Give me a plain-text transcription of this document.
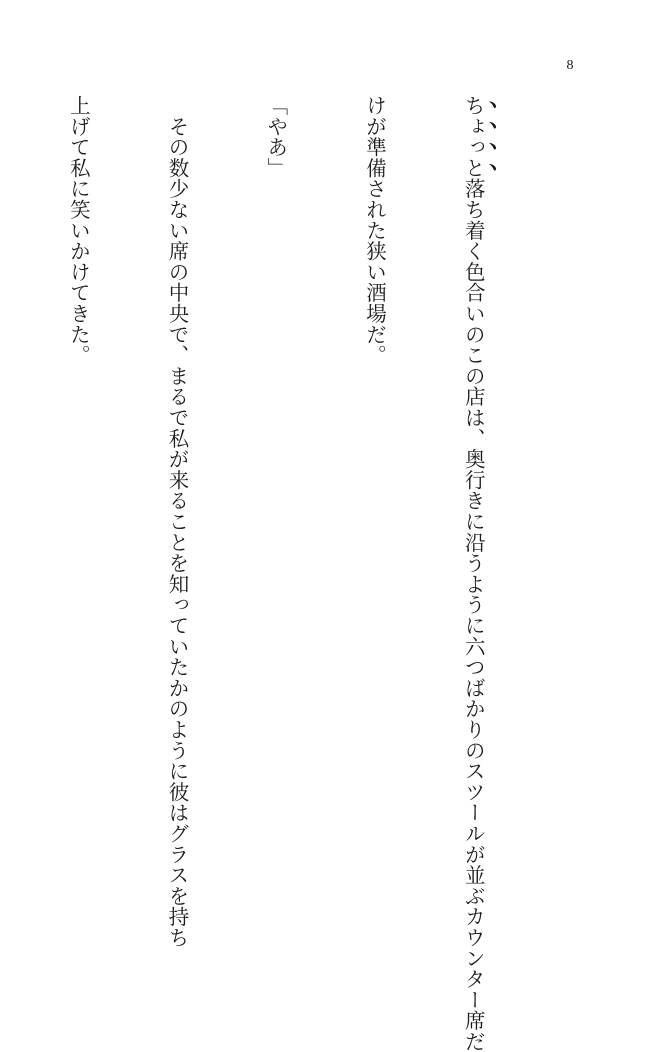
8

ちょっと落ち着く色合いのこの店は、奥行きに沿うように六つばかりのスツールが並ぶカウンター席だ

けが準備された狭い酒場だ。

「やあ」

　その数少ない席の中央で、まるで私が来ることを知っていたかのように彼はグラスを持ち

上げて私に笑いかけてきた。
